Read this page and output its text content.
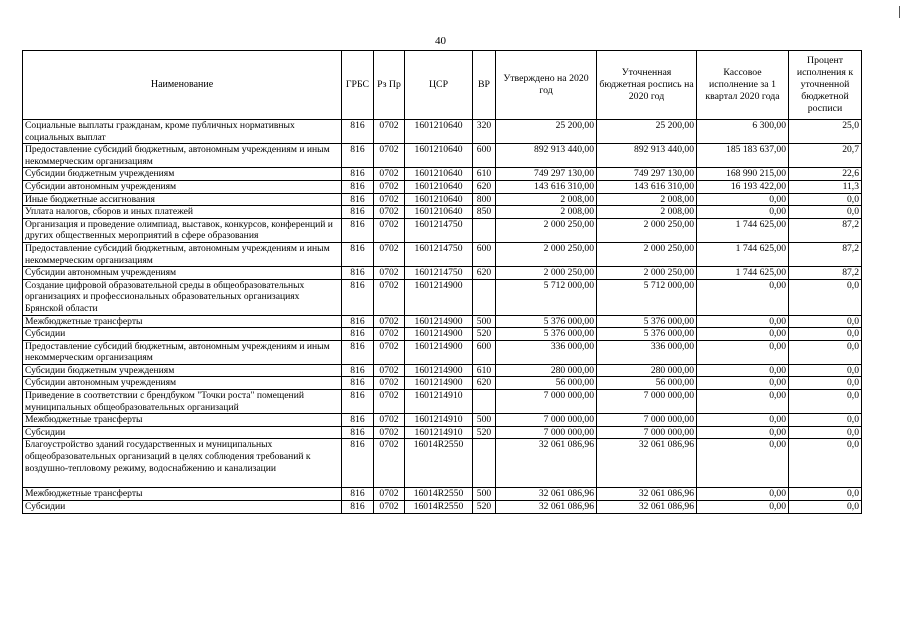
40
Наименование	ГРБС	Рз Пр	ЦСР	ВР	Утверждено на 2020 год	Уточненная бюджетная роспись на 2020 год	Кассовое исполнение за 1 квартал 2020 года	Процент исполнения к уточненной бюджетной росписи
Социальные выплаты гражданам, кроме публичных нормативных социальных выплат	816	0702	1601210640	320	25 200,00	25 200,00	6 300,00	25,0
Предоставление субсидий бюджетным, автономным учреждениям и иным некоммерческим организациям	816	0702	1601210640	600	892 913 440,00	892 913 440,00	185 183 637,00	20,7
Субсидии бюджетным учреждениям	816	0702	1601210640	610	749 297 130,00	749 297 130,00	168 990 215,00	22,6
Субсидии автономным учреждениям	816	0702	1601210640	620	143 616 310,00	143 616 310,00	16 193 422,00	11,3
Иные бюджетные ассигнования	816	0702	1601210640	800	2 008,00	2 008,00	0,00	0,0
Уплата налогов, сборов и иных платежей	816	0702	1601210640	850	2 008,00	2 008,00	0,00	0,0
Организация и проведение олимпиад, выставок, конкурсов, конференций и других общественных мероприятий в сфере образования	816	0702	1601214750		2 000 250,00	2 000 250,00	1 744 625,00	87,2
Предоставление субсидий бюджетным, автономным учреждениям и иным некоммерческим организациям	816	0702	1601214750	600	2 000 250,00	2 000 250,00	1 744 625,00	87,2
Субсидии автономным учреждениям	816	0702	1601214750	620	2 000 250,00	2 000 250,00	1 744 625,00	87,2
Создание цифровой образовательной среды в общеобразовательных организациях и профессиональных образовательных организациях Брянской области	816	0702	1601214900		5 712 000,00	5 712 000,00	0,00	0,0
Межбюджетные трансферты	816	0702	1601214900	500	5 376 000,00	5 376 000,00	0,00	0,0
Субсидии	816	0702	1601214900	520	5 376 000,00	5 376 000,00	0,00	0,0
Предоставление субсидий бюджетным, автономным учреждениям и иным некоммерческим организациям	816	0702	1601214900	600	336 000,00	336 000,00	0,00	0,0
Субсидии бюджетным учреждениям	816	0702	1601214900	610	280 000,00	280 000,00	0,00	0,0
Субсидии автономным учреждениям	816	0702	1601214900	620	56 000,00	56 000,00	0,00	0,0
Приведение в соответствии с брендбуком "Точки роста" помещений муниципальных общеобразовательных организаций	816	0702	1601214910		7 000 000,00	7 000 000,00	0,00	0,0
Межбюджетные трансферты	816	0702	1601214910	500	7 000 000,00	7 000 000,00	0,00	0,0
Субсидии	816	0702	1601214910	520	7 000 000,00	7 000 000,00	0,00	0,0
Благоустройство зданий государственных и муниципальных общеобразовательных организаций в целях соблюдения требований к воздушно-тепловому режиму, водоснабжению и канализации	816	0702	16014R2550		32 061 086,96	32 061 086,96	0,00	0,0
Межбюджетные трансферты	816	0702	16014R2550	500	32 061 086,96	32 061 086,96	0,00	0,0
Субсидии	816	0702	16014R2550	520	32 061 086,96	32 061 086,96	0,00	0,0
